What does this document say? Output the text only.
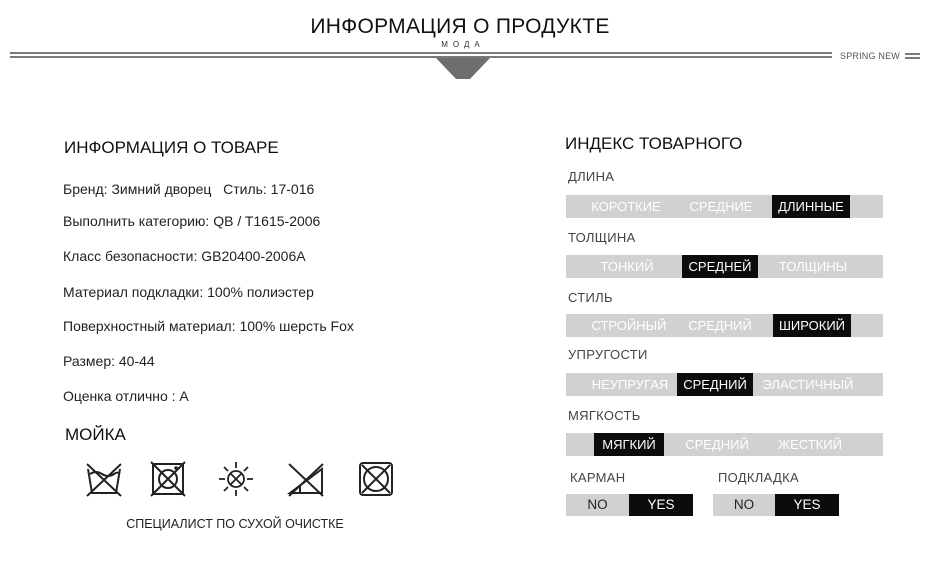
ИНФОРМАЦИЯ О ПРОДУКТЕ
МОДА
SPRING NEW
ИНФОРМАЦИЯ О ТОВАРЕ
Бренд: Зимний дворец   Стиль: 17-016
Выполнить категорию: QB / T1615-2006
Класс безопасности: GB20400-2006A
Материал подкладки: 100% полиэстер
Поверхностный материал: 100% шерсть Fox
Размер: 40-44
Оценка отлично : A
МОЙКА
СПЕЦИАЛИСТ ПО СУХОЙ ОЧИСТКЕ
ИНДЕКС ТОВАРНОГО
ДЛИНА
КОРОТКИЕ	СРЕДНИЕ	ДЛИННЫЕ
ТОЛЩИНА
ТОНКИЙ	СРЕДНЕЙ	ТОЛЩИНЫ
СТИЛЬ
СТРОЙНЫЙ	СРЕДНИЙ	ШИРОКИЙ
УПРУГОСТИ
НЕУПРУГАЯ	СРЕДНИЙ	ЭЛАСТИЧНЫЙ
МЯГКОСТЬ
МЯГКИЙ	СРЕДНИЙ	ЖЕСТКИЙ
КАРМАН
NO	YES
ПОДКЛАДКА
NO	YES
